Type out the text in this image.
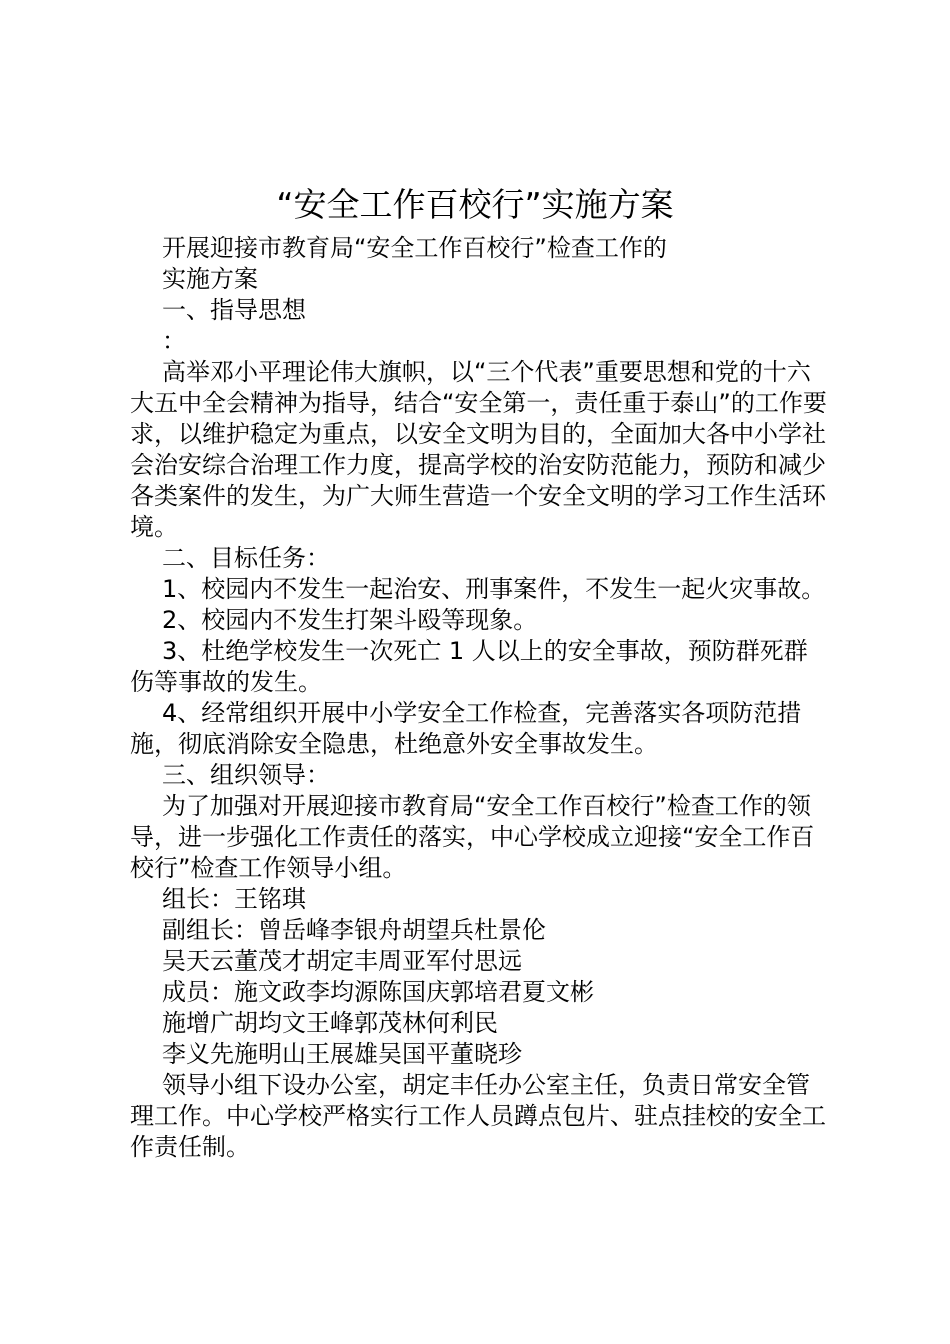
“安全工作百校行”实施方案

开展迎接市教育局“安全工作百校行”检查工作的

实施方案

一、指导思想

：

高举邓小平理论伟大旗帜，以“三个代表”重要思想和党的十六大五中全会精神为指导，结合“安全第一，责任重于泰山”的工作要求，以维护稳定为重点，以安全文明为目的，全面加大各中小学社会治安综合治理工作力度，提高学校的治安防范能力，预防和减少各类案件的发生，为广大师生营造一个安全文明的学习工作生活环境。

二、目标任务：

1、校园内不发生一起治安、刑事案件，不发生一起火灾事故。

2、校园内不发生打架斗殴等现象。

3、杜绝学校发生一次死亡 1 人以上的安全事故，预防群死群伤等事故的发生。

4、经常组织开展中小学安全工作检查，完善落实各项防范措施，彻底消除安全隐患，杜绝意外安全事故发生。

三、组织领导：

为了加强对开展迎接市教育局“安全工作百校行”检查工作的领导，进一步强化工作责任的落实，中心学校成立迎接“安全工作百校行”检查工作领导小组。

组长：王铭琪

副组长：曾岳峰李银舟胡望兵杜景伦

吴天云董茂才胡定丰周亚军付思远

成员：施文政李均源陈国庆郭培君夏文彬

施增广胡均文王峰郭茂林何利民

李义先施明山王展雄吴国平董晓珍

领导小组下设办公室，胡定丰任办公室主任，负责日常安全管理工作。中心学校严格实行工作人员蹲点包片、驻点挂校的安全工作责任制。
